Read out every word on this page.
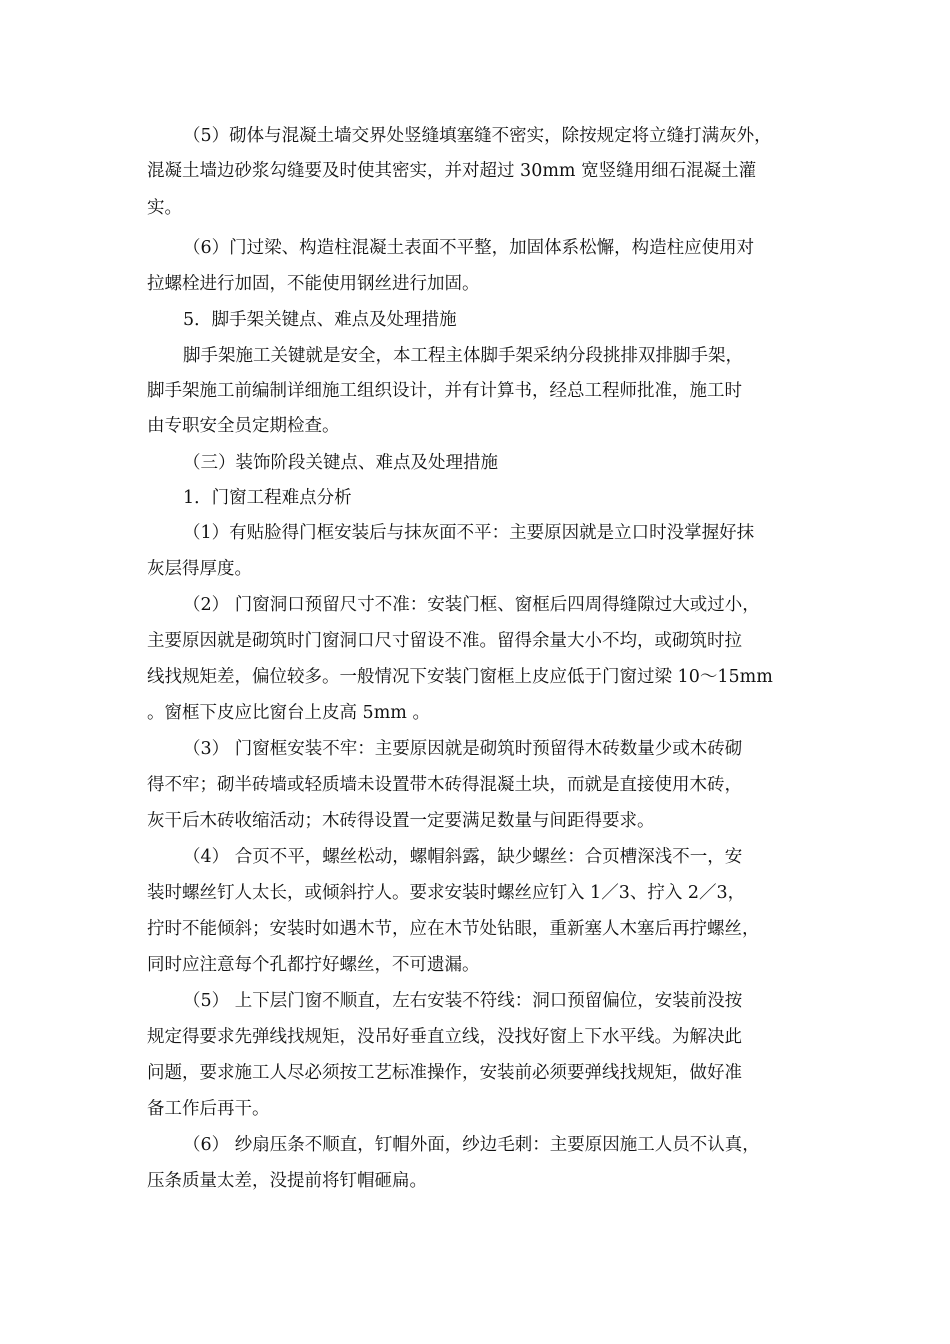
（5）砌体与混凝土墙交界处竖缝填塞缝不密实，除按规定将立缝打满灰外，
混凝土墙边砂浆勾缝要及时使其密实，并对超过 30mm 宽竖缝用细石混凝土灌
实。
（6）门过梁、构造柱混凝土表面不平整，加固体系松懈，构造柱应使用对
拉螺栓进行加固，不能使用钢丝进行加固。
5．脚手架关键点、难点及处理措施
脚手架施工关键就是安全，本工程主体脚手架采纳分段挑排双排脚手架，
脚手架施工前编制详细施工组织设计，并有计算书，经总工程师批准，施工时
由专职安全员定期检查。
（三）装饰阶段关键点、难点及处理措施
1．门窗工程难点分析
（1）有贴脸得门框安装后与抹灰面不平：主要原因就是立口时没掌握好抹
灰层得厚度。
（2） 门窗洞口预留尺寸不准：安装门框、窗框后四周得缝隙过大或过小，
主要原因就是砌筑时门窗洞口尺寸留设不准。留得余量大小不均，或砌筑时拉
线找规矩差，偏位较多。一般情况下安装门窗框上皮应低于门窗过梁 10～15mm
。窗框下皮应比窗台上皮高 5mm 。
（3） 门窗框安装不牢：主要原因就是砌筑时预留得木砖数量少或木砖砌
得不牢；砌半砖墙或轻质墙未设置带木砖得混凝土块，而就是直接使用木砖，
灰干后木砖收缩活动；木砖得设置一定要满足数量与间距得要求。
（4） 合页不平，螺丝松动，螺帽斜露，缺少螺丝：合页槽深浅不一，安
装时螺丝钉人太长，或倾斜拧人。要求安装时螺丝应钉入 1／3、拧入 2／3，
拧时不能倾斜；安装时如遇木节，应在木节处钻眼，重新塞人木塞后再拧螺丝，
同时应注意每个孔都拧好螺丝，不可遗漏。
（5） 上下层门窗不顺直，左右安装不符线：洞口预留偏位，安装前没按
规定得要求先弹线找规矩，没吊好垂直立线，没找好窗上下水平线。为解决此
问题，要求施工人尽必须按工艺标准操作，安装前必须要弹线找规矩，做好准
备工作后再干。
（6） 纱扇压条不顺直，钉帽外面，纱边毛刺：主要原因施工人员不认真，
压条质量太差，没提前将钉帽砸扁。
